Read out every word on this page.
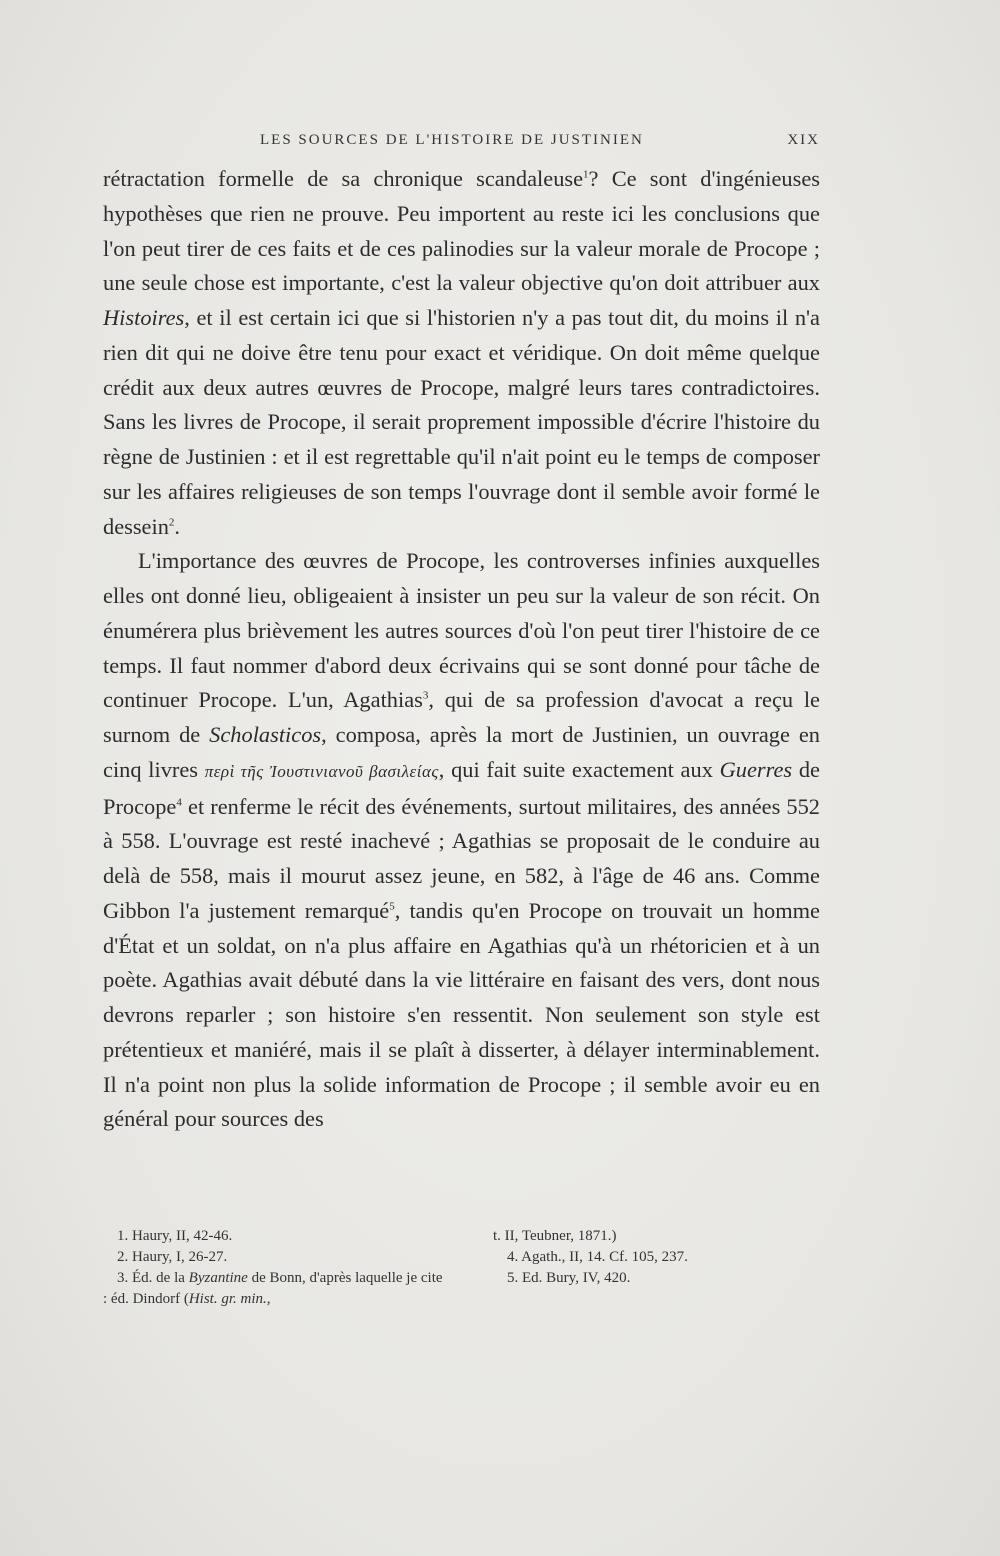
LES SOURCES DE L'HISTOIRE DE JUSTINIEN	XIX

rétractation formelle de sa chronique scandaleuse$^1$? Ce sont d'ingénieuses hypothèses que rien ne prouve. Peu importent au reste ici les conclusions que l'on peut tirer de ces faits et de ces palinodies sur la valeur morale de Procope ; une seule chose est importante, c'est la valeur objective qu'on doit attribuer aux Histoires, et il est certain ici que si l'historien n'y a pas tout dit, du moins il n'a rien dit qui ne doive être tenu pour exact et véridique. On doit même quelque crédit aux deux autres œuvres de Procope, malgré leurs tares contradictoires. Sans les livres de Procope, il serait proprement impossible d'écrire l'histoire du règne de Justinien : et il est regrettable qu'il n'ait point eu le temps de composer sur les affaires religieuses de son temps l'ouvrage dont il semble avoir formé le dessein$^2$.

L'importance des œuvres de Procope, les controverses infinies auxquelles elles ont donné lieu, obligeaient à insister un peu sur la valeur de son récit. On énumérera plus brièvement les autres sources d'où l'on peut tirer l'histoire de ce temps. Il faut nommer d'abord deux écrivains qui se sont donné pour tâche de continuer Procope. L'un, Agathias$^3$, qui de sa profession d'avocat a reçu le surnom de Scholasticos, composa, après la mort de Justinien, un ouvrage en cinq livres περὶ τῆς Ἰουστινιανοῦ βασιλείας, qui fait suite exactement aux Guerres de Procope$^4$ et renferme le récit des événements, surtout militaires, des années 552 à 558. L'ouvrage est resté inachevé ; Agathias se proposait de le conduire au delà de 558, mais il mourut assez jeune, en 582, à l'âge de 46 ans. Comme Gibbon l'a justement remarqué$^5$, tandis qu'en Procope on trouvait un homme d'État et un soldat, on n'a plus affaire en Agathias qu'à un rhétoricien et à un poète. Agathias avait débuté dans la vie littéraire en faisant des vers, dont nous devrons reparler ; son histoire s'en ressentit. Non seulement son style est prétentieux et maniéré, mais il se plaît à disserter, à délayer interminablement. Il n'a point non plus la solide information de Procope ; il semble avoir eu en général pour sources des

1. Haury, II, 42-46.

2. Haury, I, 26-27.

3. Éd. de la Byzantine de Bonn, d'après laquelle je cite : éd. Dindorf (Hist. gr. min.,

t. II, Teubner, 1871.)

4. Agath., II, 14. Cf. 105, 237.

5. Ed. Bury, IV, 420.
